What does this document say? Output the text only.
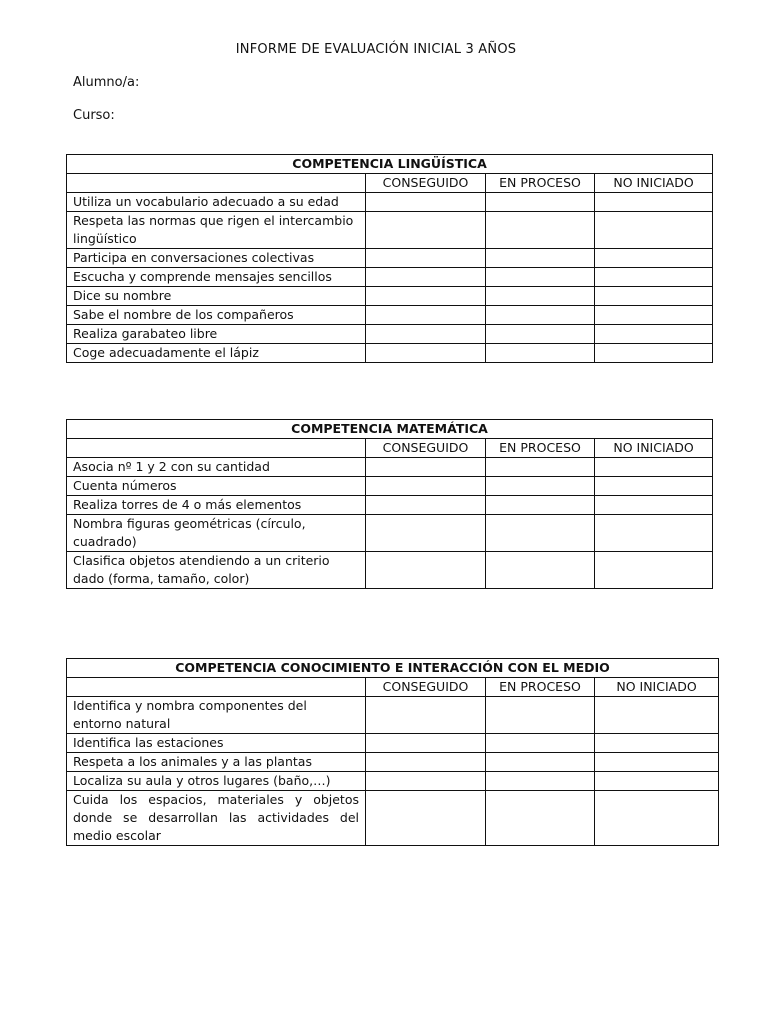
INFORME DE EVALUACIÓN INICIAL 3 AÑOS
Alumno/a:
Curso:
COMPETENCIA LINGÜÍSTICA			
	CONSEGUIDO	EN PROCESO	NO INICIADO
Utiliza un vocabulario adecuado a su edad			
Respeta las normas que rigen el intercambio lingüístico			
Participa en conversaciones colectivas			
Escucha y comprende mensajes sencillos			
Dice su nombre			
Sabe el nombre de los compañeros			
Realiza garabateo libre			
Coge adecuadamente el lápiz			
COMPETENCIA MATEMÁTICA			
	CONSEGUIDO	EN PROCESO	NO INICIADO
Asocia nº 1 y 2 con su cantidad			
Cuenta números			
Realiza torres de 4 o más elementos			
Nombra figuras geométricas (círculo, cuadrado)			
Clasifica objetos atendiendo a un criterio dado (forma, tamaño, color)			
COMPETENCIA CONOCIMIENTO E INTERACCIÓN CON EL MEDIO			
	CONSEGUIDO	EN PROCESO	NO INICIADO
Identifica y nombra componentes del entorno natural			
Identifica las estaciones			
Respeta a los animales y a las plantas			
Localiza su aula y otros lugares (baño,…)			
Cuida los espacios, materiales y objetos donde se desarrollan las actividades del medio escolar			
